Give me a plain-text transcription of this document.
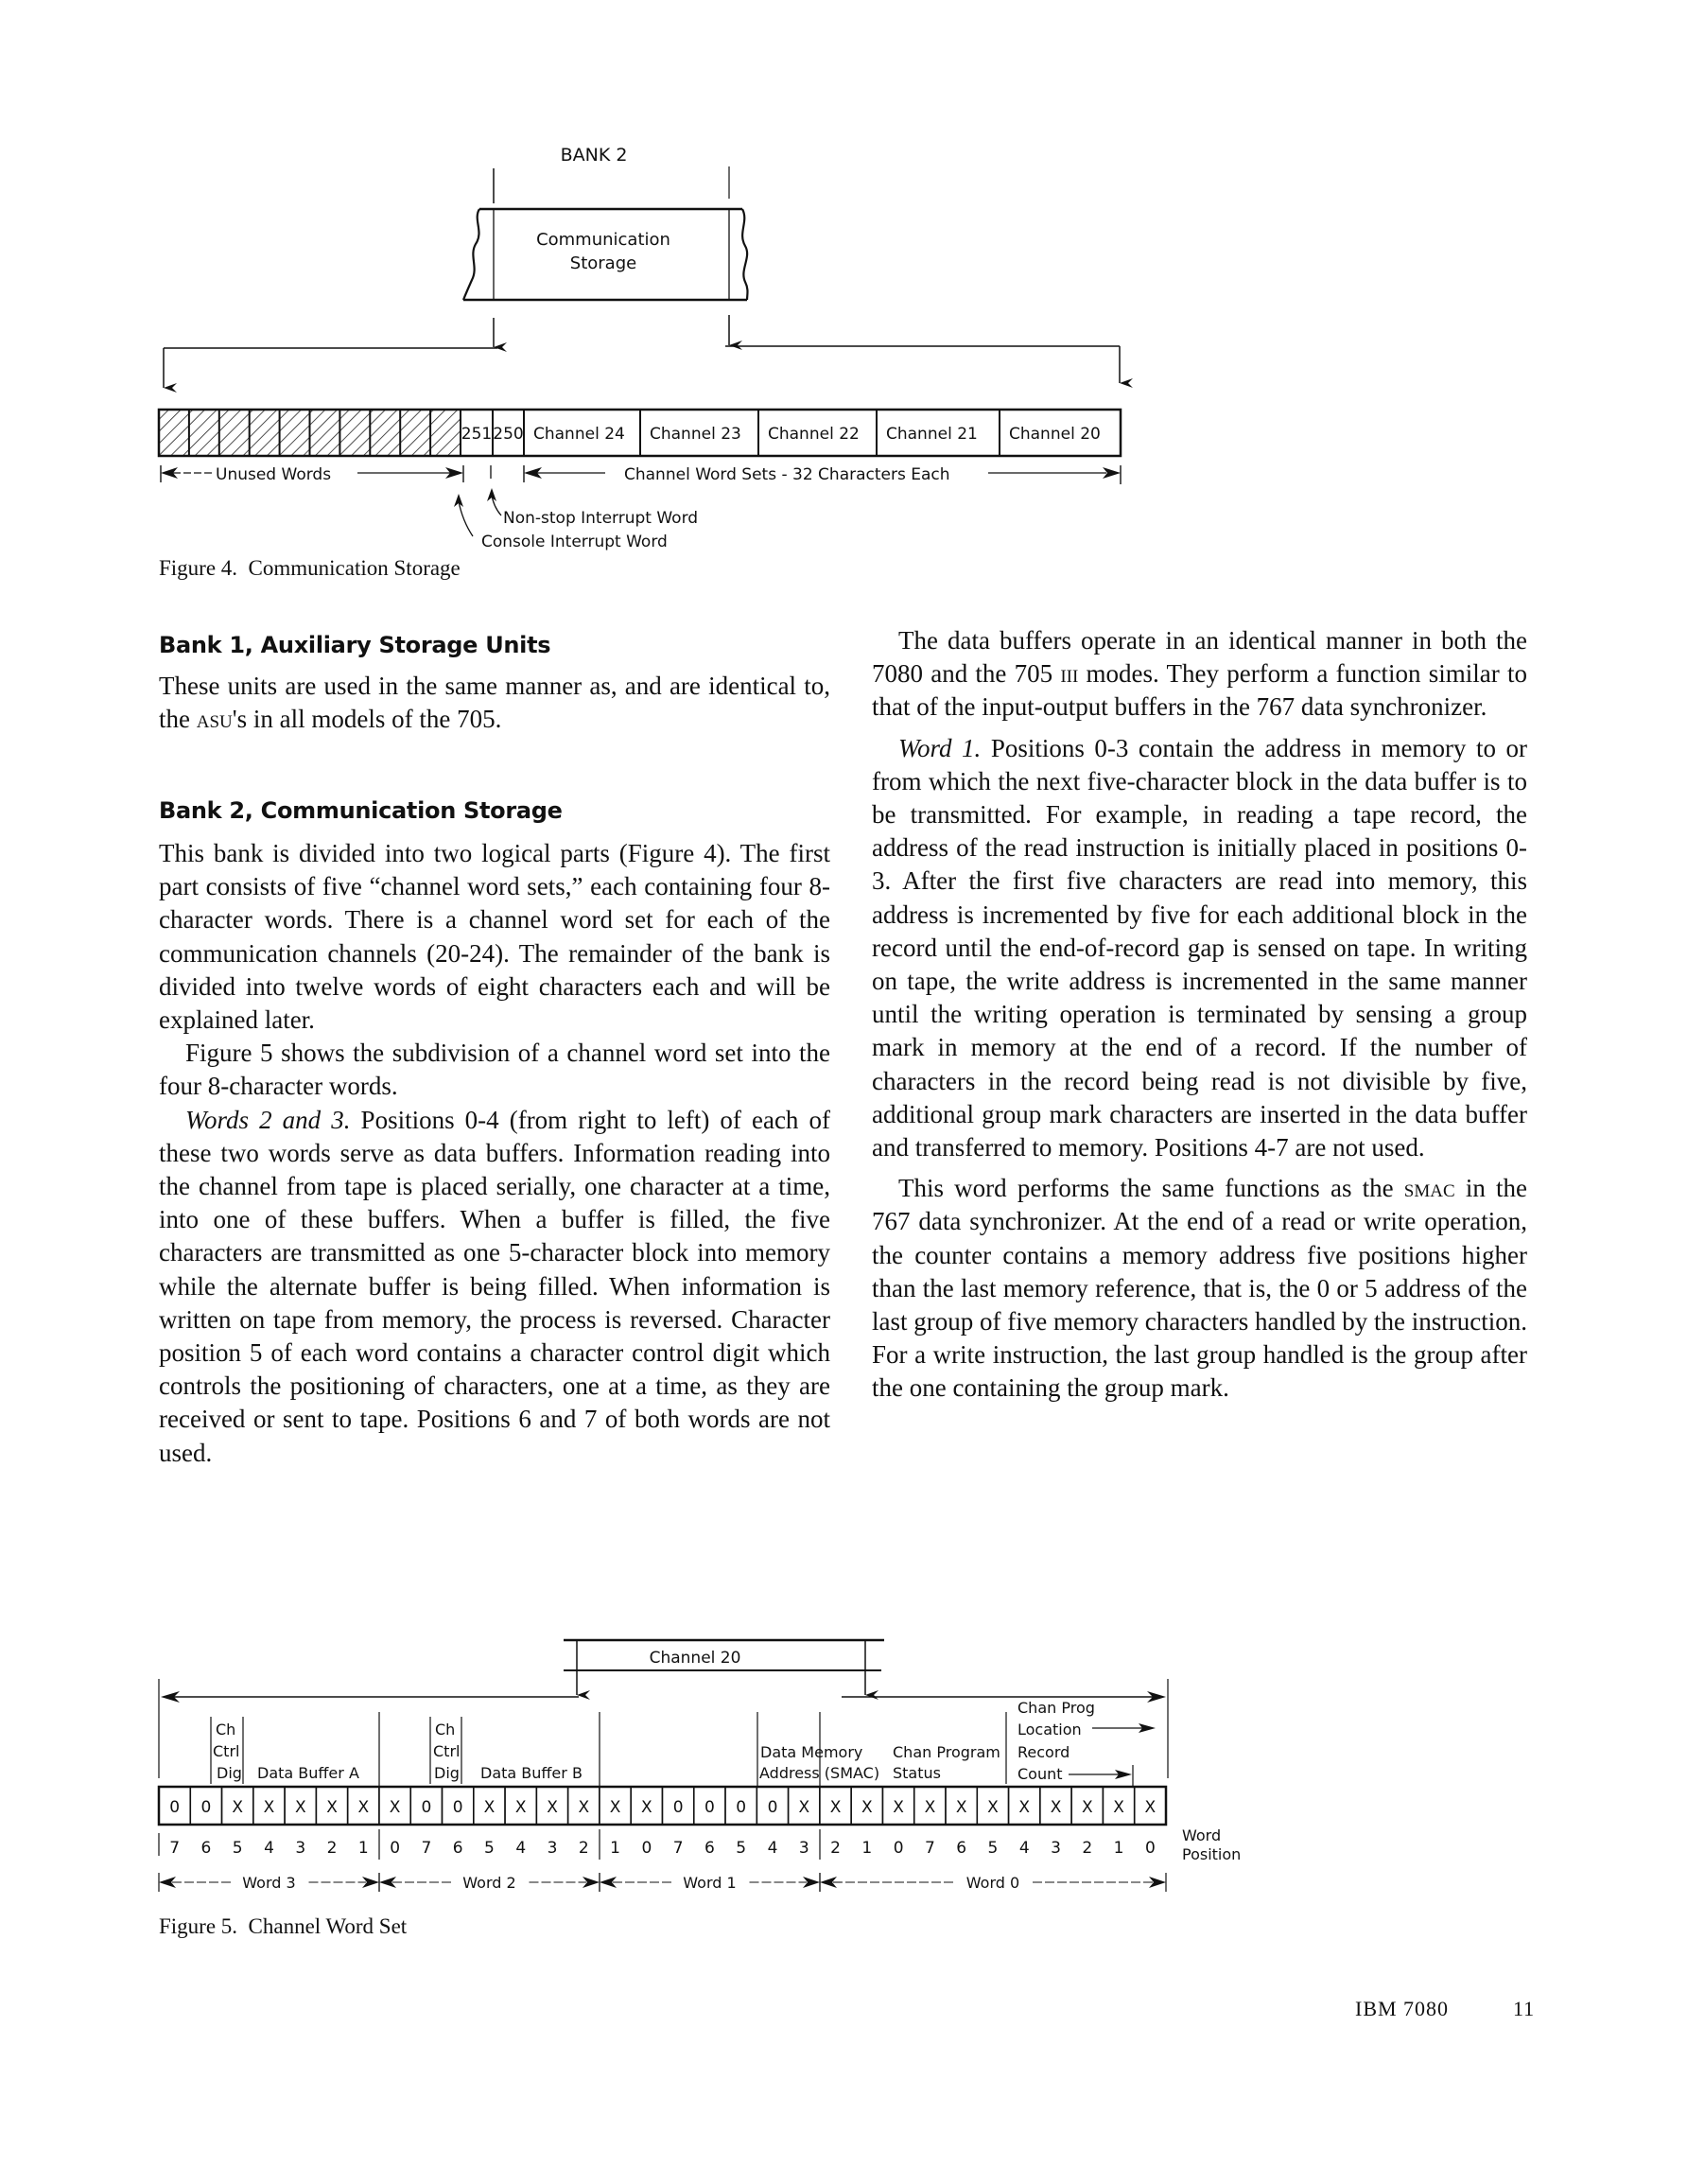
BANK 2
Communication
Storage
251 250 Channel 24 Channel 23 Channel 22 Channel 21 Channel 20
Unused Words	Channel Word Sets - 32 Characters Each
Non-stop Interrupt Word
Console Interrupt Word
Figure 4.  Communication Storage
Bank 1, Auxiliary Storage Units

These units are used in the same manner as, and are identical to, the asu's in all models of the 705.

Bank 2, Communication Storage

This bank is divided into two logical parts (Figure 4). The first part consists of five “channel word sets,” each containing four 8-character words. There is a channel word set for each of the communication channels (20-24). The remainder of the bank is divided into twelve words of eight characters each and will be explained later.

Figure 5 shows the subdivision of a channel word set into the four 8-character words.

Words 2 and 3. Positions 0-4 (from right to left) of each of these two words serve as data buffers. Information reading into the channel from tape is placed serially, one character at a time, into one of these buffers. When a buffer is filled, the five characters are transmitted as one 5-character block into memory while the alternate buffer is being filled. When information is written on tape from memory, the process is reversed. Character position 5 of each word contains a character control digit which controls the positioning of characters, one at a time, as they are received or sent to tape. Positions 6 and 7 of both words are not used.

The data buffers operate in an identical manner in both the 7080 and the 705 iii modes. They perform a function similar to that of the input-output buffers in the 767 data synchronizer.

Word 1. Positions 0-3 contain the address in memory to or from which the next five-character block in the data buffer is to be transmitted. For example, in reading a tape record, the address of the read instruction is initially placed in positions 0-3. After the first five characters are read into memory, this address is incremented by five for each additional block in the record until the end-of-record gap is sensed on tape. In writing on tape, the write address is incremented in the same manner until the writing operation is terminated by sensing a group mark in memory at the end of a record. If the number of characters in the record being read is not divisible by five, additional group mark characters are inserted in the data buffer and transferred to memory. Positions 4-7 are not used.

This word performs the same functions as the smac in the 767 data synchronizer. At the end of a read or write operation, the counter contains a memory address five positions higher than the last memory reference, that is, the 0 or 5 address of the last group of five memory characters handled by the instruction. For a write instruction, the last group handled is the group after the one containing the group mark.

Channel 20
Ch
Ctrl
Dig Data Buffer A
Ch
Ctrl
Dig Data Buffer B
Data Memory
Address (SMAC)
Chan Program
Status
Chan Prog
Location
Record
Count
0 0 X X X X X X 0 0 X X X X X X 0 0 0 0 X X X X X X X X X X X X
7 6 5 4 3 2 1 0 7 6 5 4 3 2 1 0 7 6 5 4 3 2 1 0 7 6 5 4 3 2 1 0
Word
Position
Word 3	Word 2	Word 1	Word 0
Figure 5.  Channel Word Set
IBM 7080	11
